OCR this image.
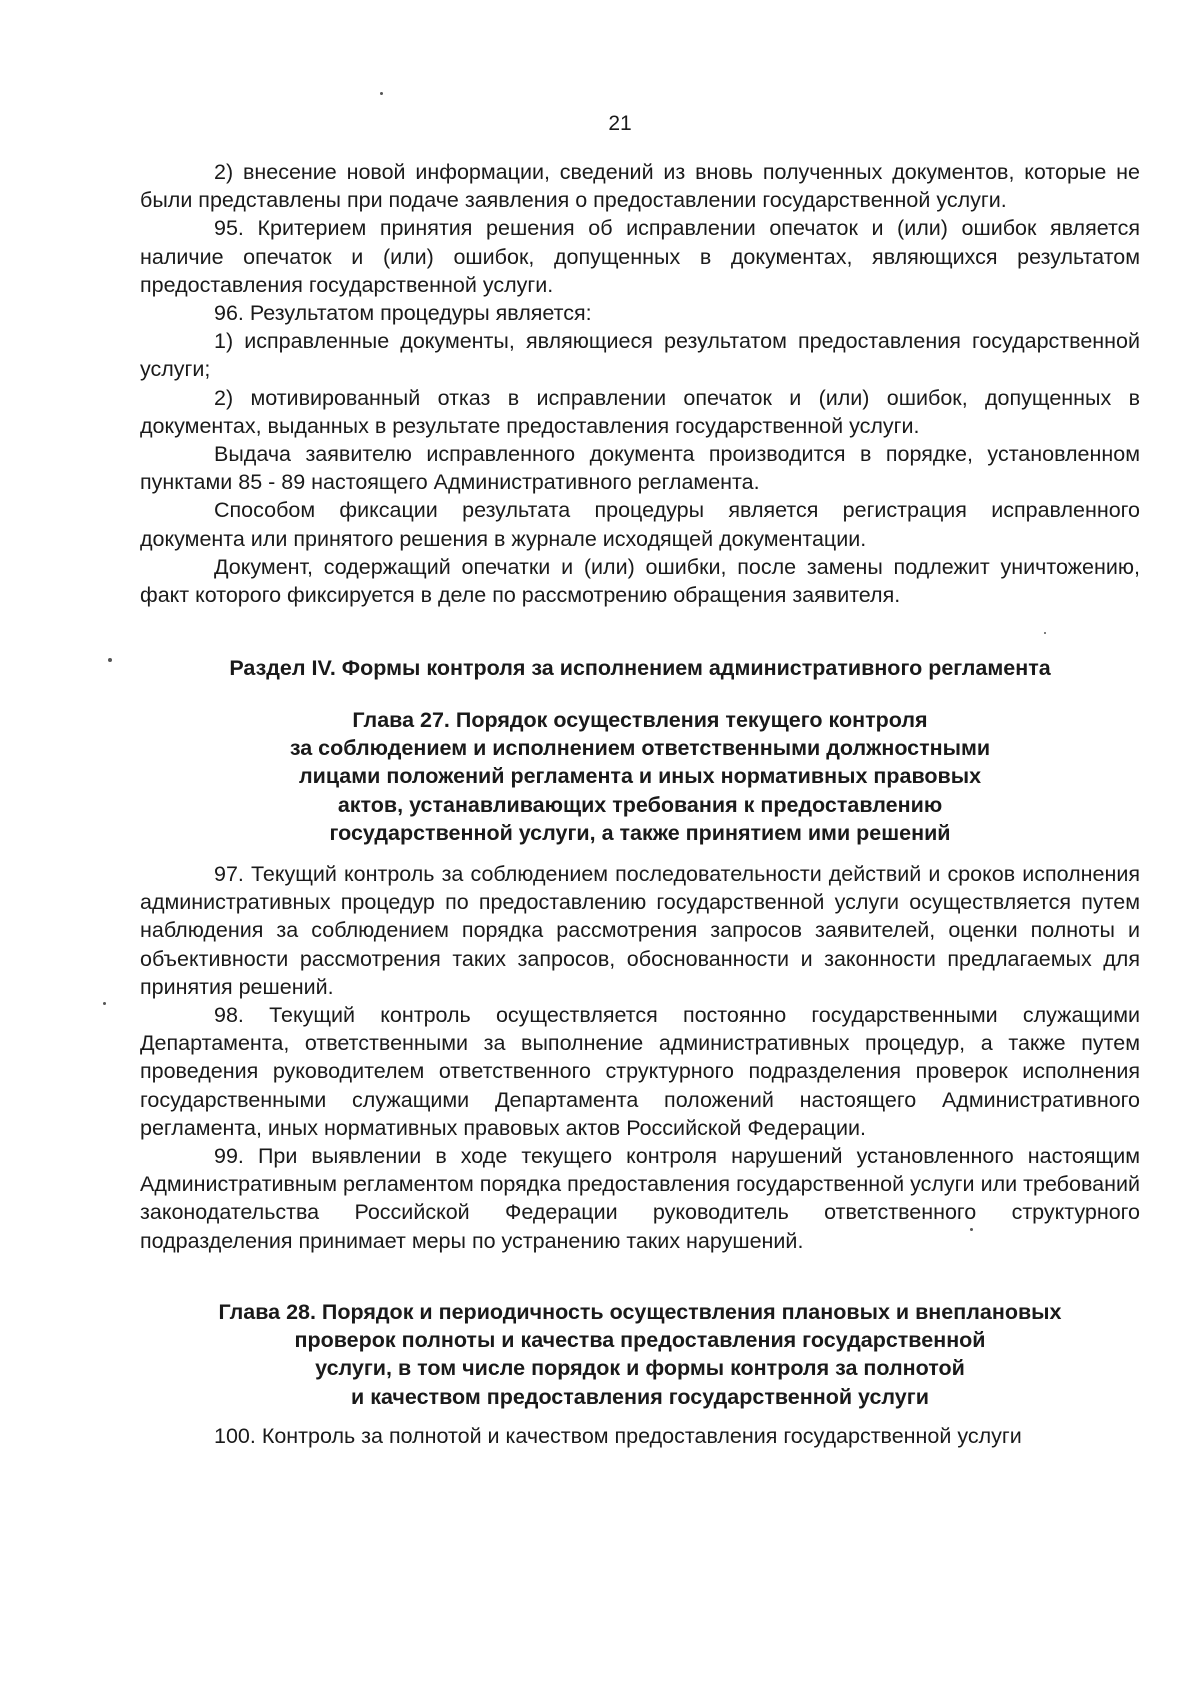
21

2) внесение новой информации, сведений из вновь полученных документов, которые не были представлены при подаче заявления о предоставлении государственной услуги.

95. Критерием принятия решения об исправлении опечаток и (или) ошибок является наличие опечаток и (или) ошибок, допущенных в документах, являющихся результатом предоставления государственной услуги.

96. Результатом процедуры является:

1) исправленные документы, являющиеся результатом предоставления государственной услуги;

2) мотивированный отказ в исправлении опечаток и (или) ошибок, допущенных в документах, выданных в результате предоставления государственной услуги.

Выдача заявителю исправленного документа производится в порядке, установленном пунктами 85 - 89 настоящего Административного регламента.

Способом фиксации результата процедуры является регистрация исправленного документа или принятого решения в журнале исходящей документации.

Документ, содержащий опечатки и (или) ошибки, после замены подлежит уничтожению, факт которого фиксируется в деле по рассмотрению обращения заявителя.

Раздел IV. Формы контроля за исполнением административного регламента
Глава 27. Порядок осуществления текущего контроля
за соблюдением и исполнением ответственными должностными
лицами положений регламента и иных нормативных правовых
актов, устанавливающих требования к предоставлению
государственной услуги, а также принятием ими решений

97. Текущий контроль за соблюдением последовательности действий и сроков исполнения административных процедур по предоставлению государственной услуги осуществляется путем наблюдения за соблюдением порядка рассмотрения запросов заявителей, оценки полноты и объективности рассмотрения таких запросов, обоснованности и законности предлагаемых для принятия решений.

98. Текущий контроль осуществляется постоянно государственными служащими Департамента, ответственными за выполнение административных процедур, а также путем проведения руководителем ответственного структурного подразделения проверок исполнения государственными служащими Департамента положений настоящего Административного регламента, иных нормативных правовых актов Российской Федерации.

99. При выявлении в ходе текущего контроля нарушений установленного настоящим Административным регламентом порядка предоставления государственной услуги или требований законодательства Российской Федерации руководитель ответственного структурного подразделения принимает меры по устранению таких нарушений.

Глава 28. Порядок и периодичность осуществления плановых и внеплановых
проверок полноты и качества предоставления государственной
услуги, в том числе порядок и формы контроля за полнотой
и качеством предоставления государственной услуги

100. Контроль за полнотой и качеством предоставления государственной услуги
